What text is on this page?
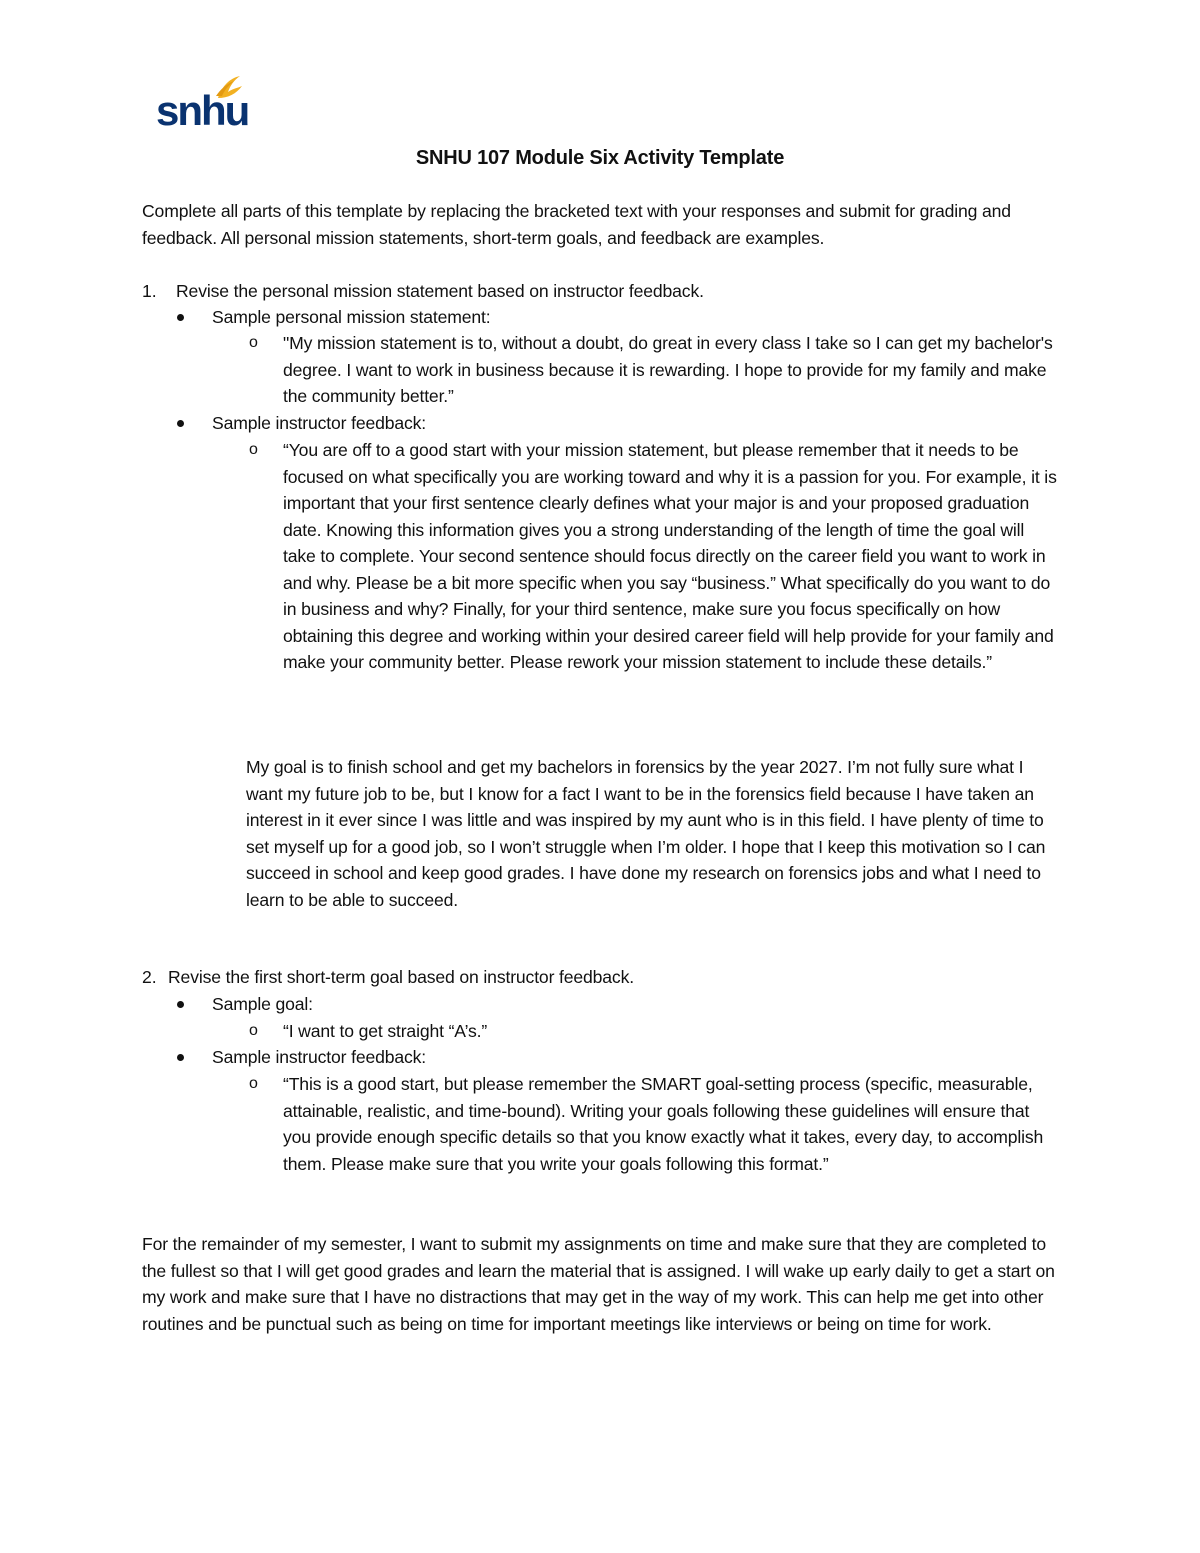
snhu
SNHU 107 Module Six Activity Template
Complete all parts of this template by replacing the bracketed text with your responses and submit for grading and feedback. All personal mission statements, short-term goals, and feedback are examples.
1. Revise the personal mission statement based on instructor feedback.
Sample personal mission statement:
o "My mission statement is to, without a doubt, do great in every class I take so I can get my bachelor's degree. I want to work in business because it is rewarding. I hope to provide for my family and make the community better.”
Sample instructor feedback:
o “You are off to a good start with your mission statement, but please remember that it needs to be focused on what specifically you are working toward and why it is a passion for you. For example, it is important that your first sentence clearly defines what your major is and your proposed graduation date. Knowing this information gives you a strong understanding of the length of time the goal will take to complete. Your second sentence should focus directly on the career field you want to work in and why. Please be a bit more specific when you say “business.” What specifically do you want to do in business and why? Finally, for your third sentence, make sure you focus specifically on how obtaining this degree and working within your desired career field will help provide for your family and make your community better. Please rework your mission statement to include these details.”
My goal is to finish school and get my bachelors in forensics by the year 2027. I’m not fully sure what I want my future job to be, but I know for a fact I want to be in the forensics field because I have taken an interest in it ever since I was little and was inspired by my aunt who is in this field. I have plenty of time to set myself up for a good job, so I won’t struggle when I’m older. I hope that I keep this motivation so I can succeed in school and keep good grades. I have done my research on forensics jobs and what I need to learn to be able to succeed.
2. Revise the first short-term goal based on instructor feedback.
Sample goal:
o “I want to get straight “A’s.”
Sample instructor feedback:
o “This is a good start, but please remember the SMART goal-setting process (specific, measurable, attainable, realistic, and time-bound). Writing your goals following these guidelines will ensure that you provide enough specific details so that you know exactly what it takes, every day, to accomplish them. Please make sure that you write your goals following this format.”
For the remainder of my semester, I want to submit my assignments on time and make sure that they are completed to the fullest so that I will get good grades and learn the material that is assigned. I will wake up early daily to get a start on my work and make sure that I have no distractions that may get in the way of my work. This can help me get into other routines and be punctual such as being on time for important meetings like interviews or being on time for work.
